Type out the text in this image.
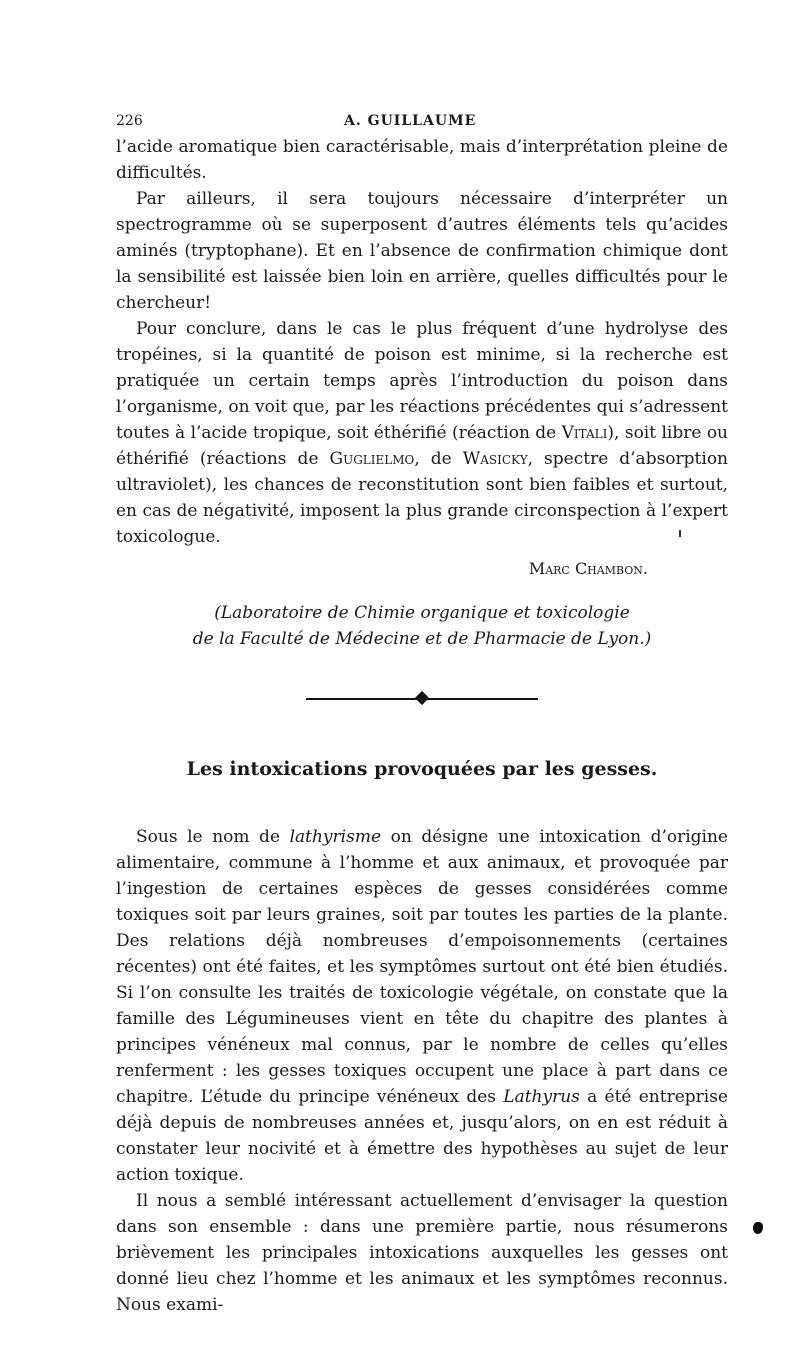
226	A. GUILLAUME

l’acide aromatique bien caractérisable, mais d’interprétation pleine de difficultés.

Par ailleurs, il sera toujours nécessaire d’interpréter un spectrogramme où se superposent d’autres éléments tels qu’acides aminés (tryptophane). Et en l’absence de confirmation chimique dont la sensibilité est laissée bien loin en arrière, quelles difficultés pour le chercheur!

Pour conclure, dans le cas le plus fréquent d’une hydrolyse des tropéines, si la quantité de poison est minime, si la recherche est pratiquée un certain temps après l’introduction du poison dans l’organisme, on voit que, par les réactions précédentes qui s’adressent toutes à l’acide tropique, soit éthérifié (réaction de Vitali), soit libre ou éthérifié (réactions de Guglielmo, de Wasicky, spectre d’absorption ultraviolet), les chances de reconstitution sont bien faibles et surtout, en cas de négativité, imposent la plus grande circonspection à l’expert toxicologue.

Marc Chambon.
(Laboratoire de Chimie organique et toxicologie
de la Faculté de Médecine et de Pharmacie de Lyon.)
Les intoxications provoquées par les gesses.

Sous le nom de lathyrisme on désigne une intoxication d’origine alimentaire, commune à l’homme et aux animaux, et provoquée par l’ingestion de certaines espèces de gesses considérées comme toxiques soit par leurs graines, soit par toutes les parties de la plante. Des relations déjà nombreuses d’empoisonnements (certaines récentes) ont été faites, et les symptômes surtout ont été bien étudiés. Si l’on consulte les traités de toxicologie végétale, on constate que la famille des Légumineuses vient en tête du chapitre des plantes à principes vénéneux mal connus, par le nombre de celles qu’elles renferment : les gesses toxiques occupent une place à part dans ce chapitre. L’étude du principe vénéneux des Lathyrus a été entreprise déjà depuis de nombreuses années et, jusqu’alors, on en est réduit à constater leur nocivité et à émettre des hypothèses au sujet de leur action toxique.

Il nous a semblé intéressant actuellement d’envisager la question dans son ensemble : dans une première partie, nous résumerons brièvement les principales intoxications auxquelles les gesses ont donné lieu chez l’homme et les animaux et les symptômes reconnus. Nous exami-
